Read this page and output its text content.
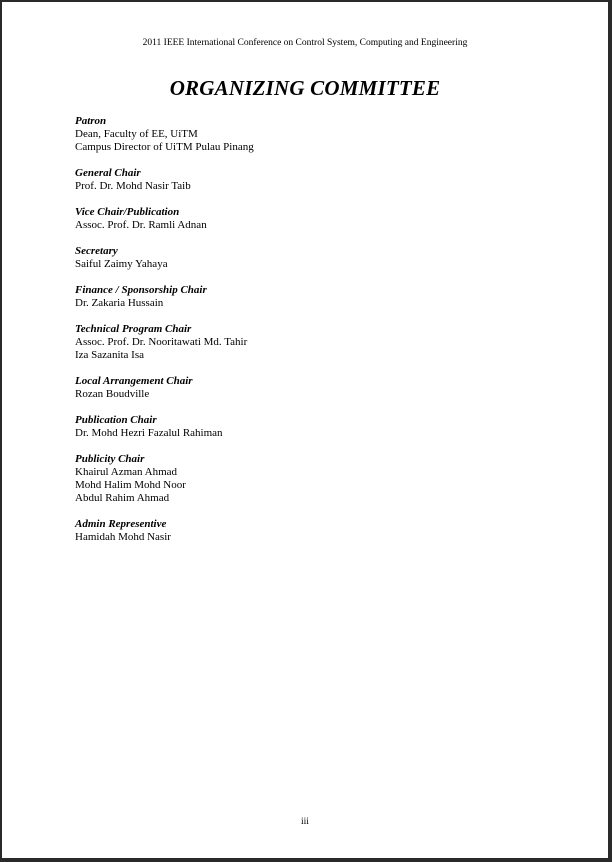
2011 IEEE International Conference on Control System, Computing and Engineering
ORGANIZING COMMITTEE
Patron
Dean, Faculty of EE, UiTM
Campus Director of UiTM Pulau Pinang
General Chair
Prof. Dr. Mohd Nasir Taib
Vice Chair/Publication
Assoc. Prof. Dr. Ramli Adnan
Secretary
Saiful Zaimy Yahaya
Finance / Sponsorship Chair
Dr. Zakaria Hussain
Technical Program Chair
Assoc. Prof. Dr. Nooritawati Md. Tahir
Iza Sazanita Isa
Local Arrangement Chair
Rozan Boudville
Publication Chair
Dr. Mohd Hezri Fazalul Rahiman
Publicity Chair
Khairul Azman Ahmad
Mohd Halim Mohd Noor
Abdul Rahim Ahmad
Admin Representive
Hamidah Mohd Nasir
iii
